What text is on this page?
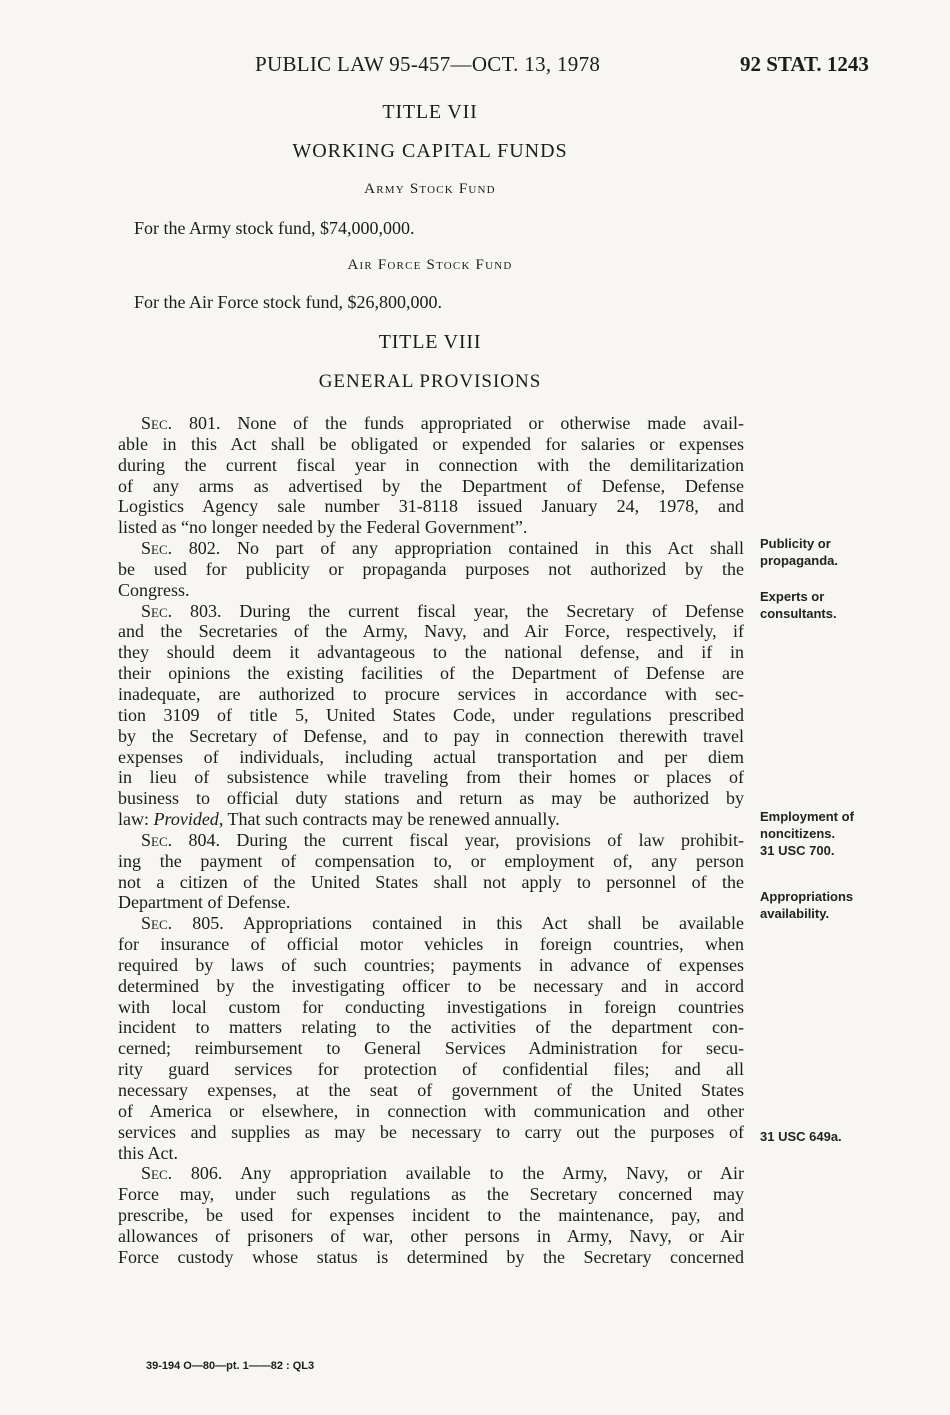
PUBLIC LAW 95-457—OCT. 13, 1978	92 STAT. 1243
TITLE VII
WORKING CAPITAL FUNDS
Army Stock Fund
For the Army stock fund, $74,000,000.
Air Force Stock Fund
For the Air Force stock fund, $26,800,000.
TITLE VIII
GENERAL PROVISIONS

Sec. 801. None of the funds appropriated or otherwise made avail-

able in this Act shall be obligated or expended for salaries or expenses

during the current fiscal year in connection with the demilitarization

of any arms as advertised by the Department of Defense, Defense

Logistics Agency sale number 31-8118 issued January 24, 1978, and

listed as “no longer needed by the Federal Government”.

Sec. 802. No part of any appropriation contained in this Act shall

be used for publicity or propaganda purposes not authorized by the

Congress.

Sec. 803. During the current fiscal year, the Secretary of Defense

and the Secretaries of the Army, Navy, and Air Force, respectively, if

they should deem it advantageous to the national defense, and if in

their opinions the existing facilities of the Department of Defense are

inadequate, are authorized to procure services in accordance with sec-

tion 3109 of title 5, United States Code, under regulations prescribed

by the Secretary of Defense, and to pay in connection therewith travel

expenses of individuals, including actual transportation and per diem

in lieu of subsistence while traveling from their homes or places of

business to official duty stations and return as may be authorized by

law: Provided, That such contracts may be renewed annually.

Sec. 804. During the current fiscal year, provisions of law prohibit-

ing the payment of compensation to, or employment of, any person

not a citizen of the United States shall not apply to personnel of the

Department of Defense.

Sec. 805. Appropriations contained in this Act shall be available

for insurance of official motor vehicles in foreign countries, when

required by laws of such countries; payments in advance of expenses

determined by the investigating officer to be necessary and in accord

with local custom for conducting investigations in foreign countries

incident to matters relating to the activities of the department con-

cerned; reimbursement to General Services Administration for secu-

rity guard services for protection of confidential files; and all

necessary expenses, at the seat of government of the United States

of America or elsewhere, in connection with communication and other

services and supplies as may be necessary to carry out the purposes of

this Act.

Sec. 806. Any appropriation available to the Army, Navy, or Air

Force may, under such regulations as the Secretary concerned may

prescribe, be used for expenses incident to the maintenance, pay, and

allowances of prisoners of war, other persons in Army, Navy, or Air

Force custody whose status is determined by the Secretary concerned

Publicity or
propaganda.
Experts or
consultants.
Employment of
noncitizens.
31 USC 700.
Appropriations
availability.
31 USC 649a.
39-194 O—80—pt. 1——82 : QL3
